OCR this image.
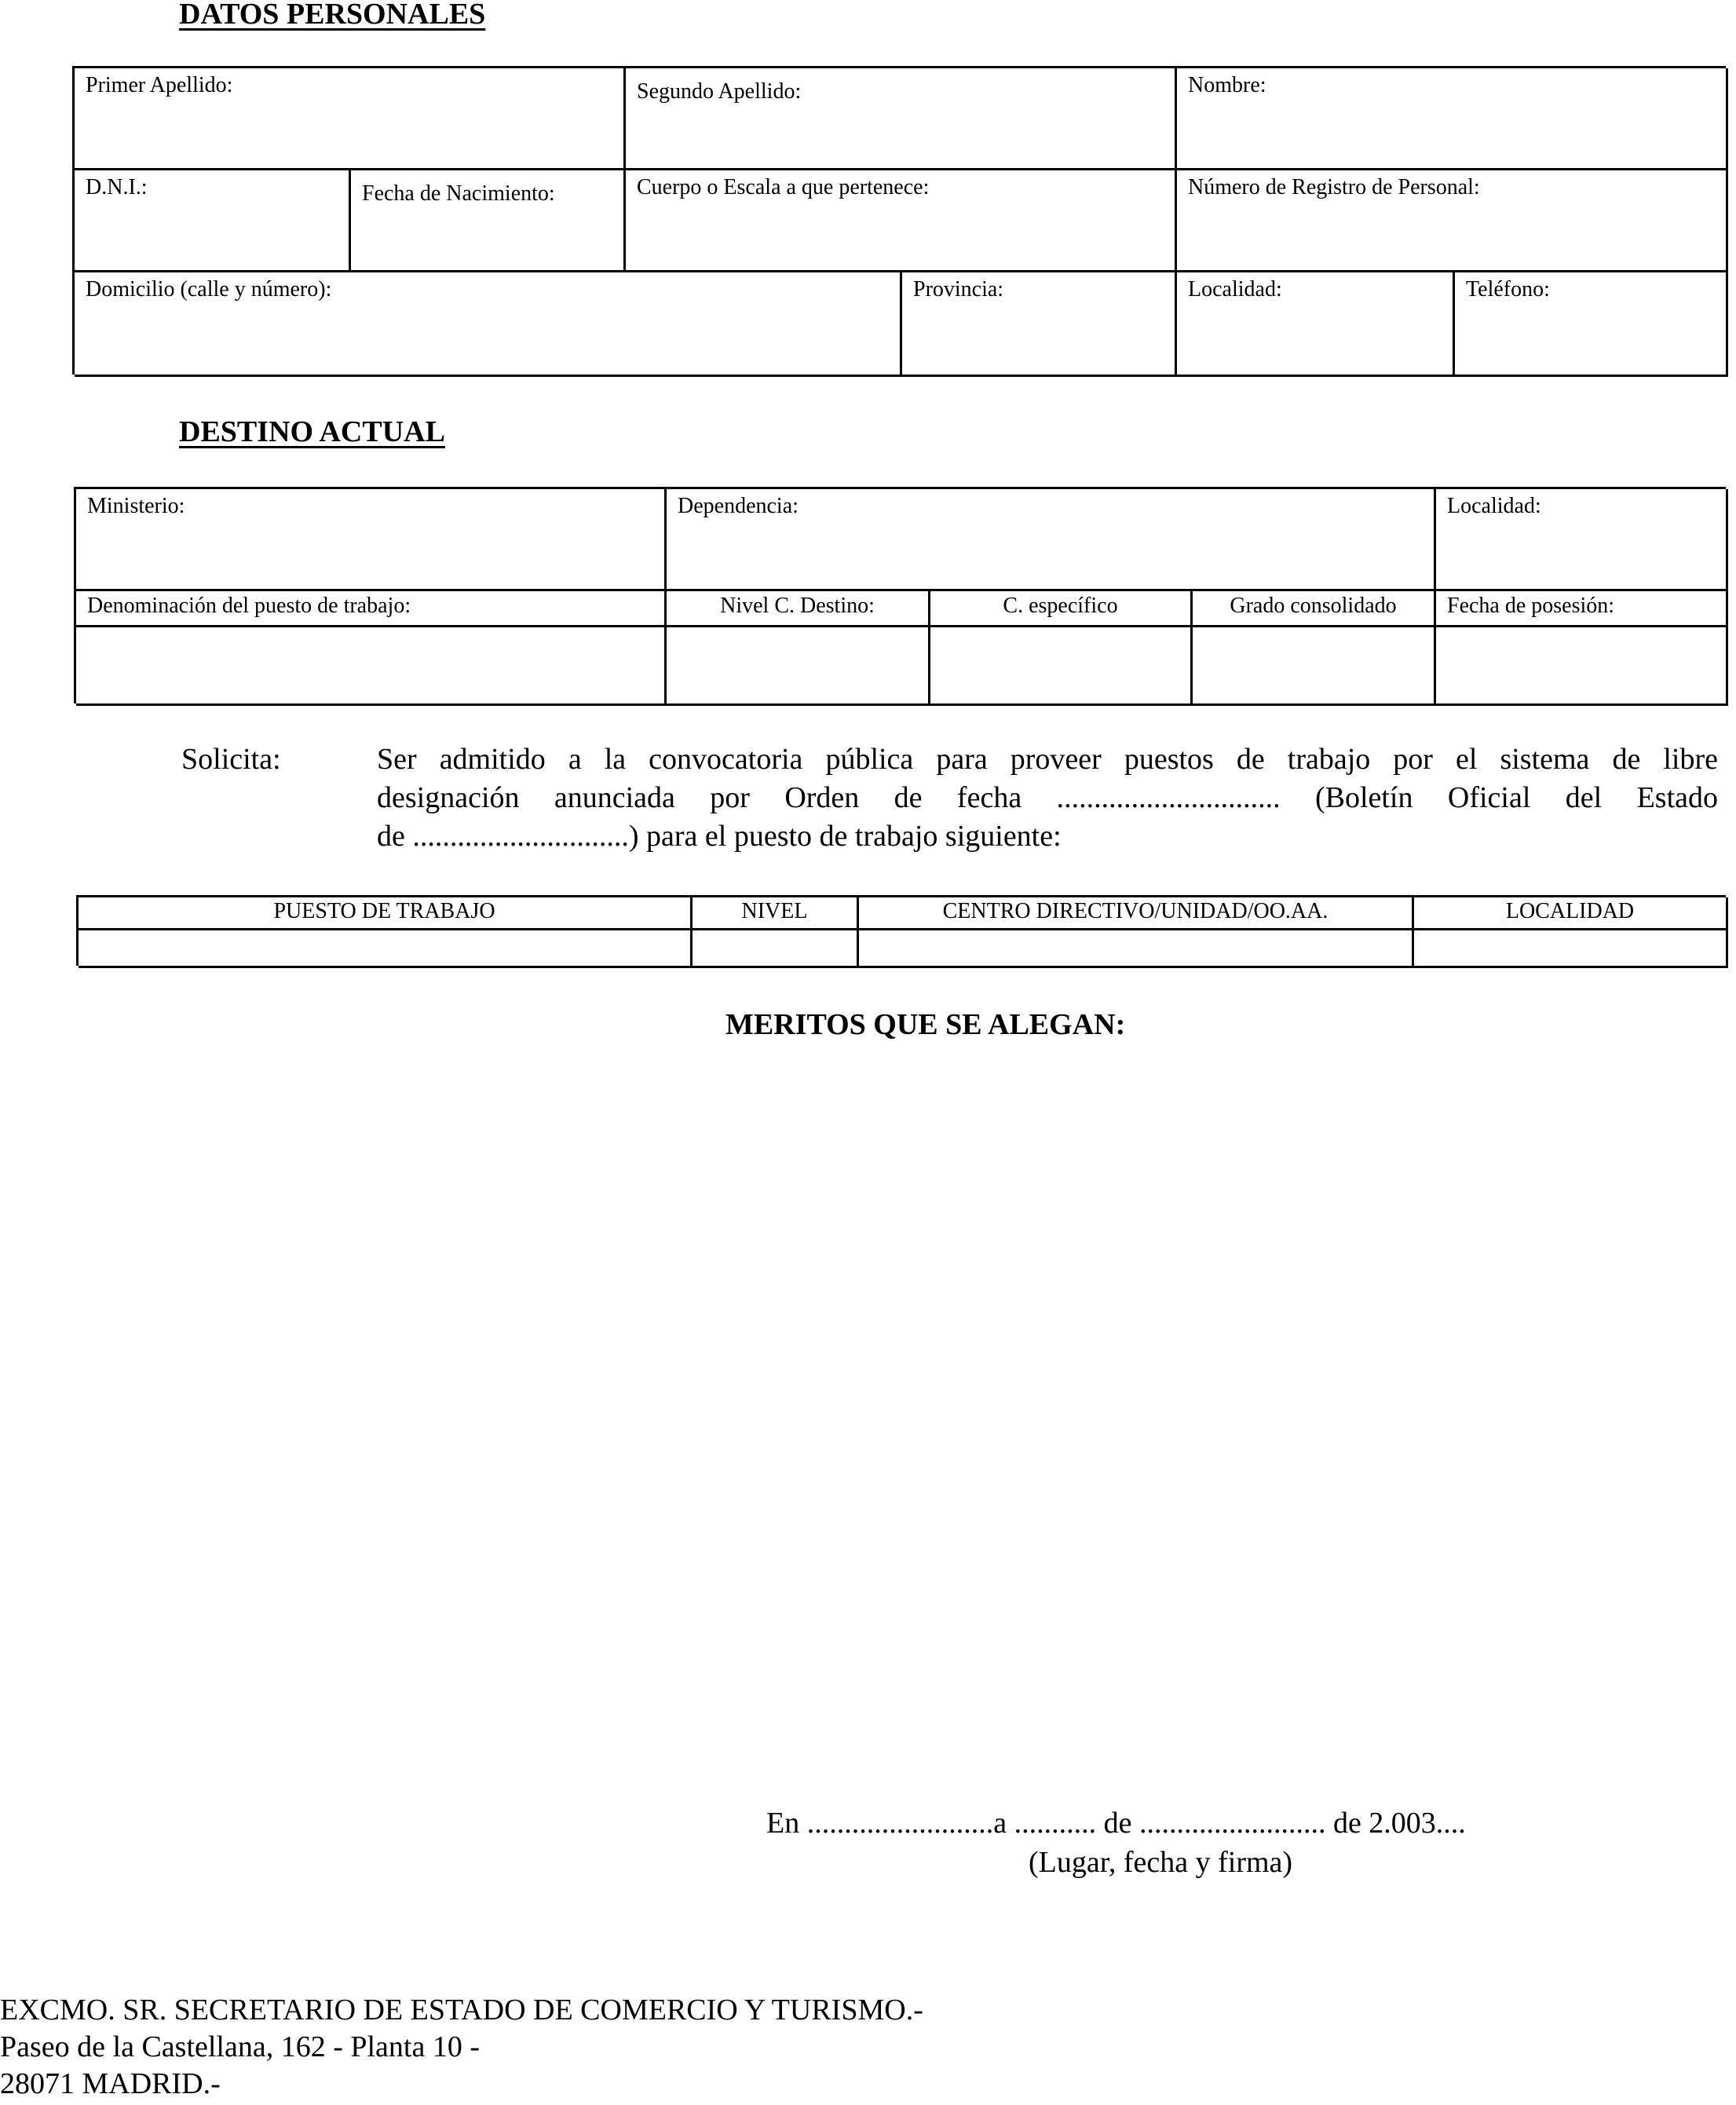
DATOS PERSONALES
Primer Apellido:	Segundo Apellido:	Nombre:
D.N.I.:	Fecha de Nacimiento:	Cuerpo o Escala a que pertenece:	Número de Registro de Personal:
Domicilio (calle y número):	Provincia:	Localidad:	Teléfono:
DESTINO ACTUAL
Ministerio:	Dependencia:	Localidad:
Denominación del puesto de trabajo:	Nivel C. Destino:	C. específico	Grado consolidado	Fecha de posesión:
Solicita:	Ser admitido a la convocatoria pública para proveer puestos de trabajo por el sistema de libre
designación anunciada por Orden de fecha .............................. (Boletín Oficial del Estado
de .............................) para el puesto de trabajo siguiente:
PUESTO DE TRABAJO	NIVEL	CENTRO DIRECTIVO/UNIDAD/OO.AA.	LOCALIDAD
MERITOS QUE SE ALEGAN:
En .........................a ........... de ......................... de 2.003....
(Lugar, fecha y firma)
EXCMO. SR. SECRETARIO DE ESTADO DE COMERCIO Y TURISMO.-
Paseo de la Castellana, 162 - Planta 10 -
28071 MADRID.-
